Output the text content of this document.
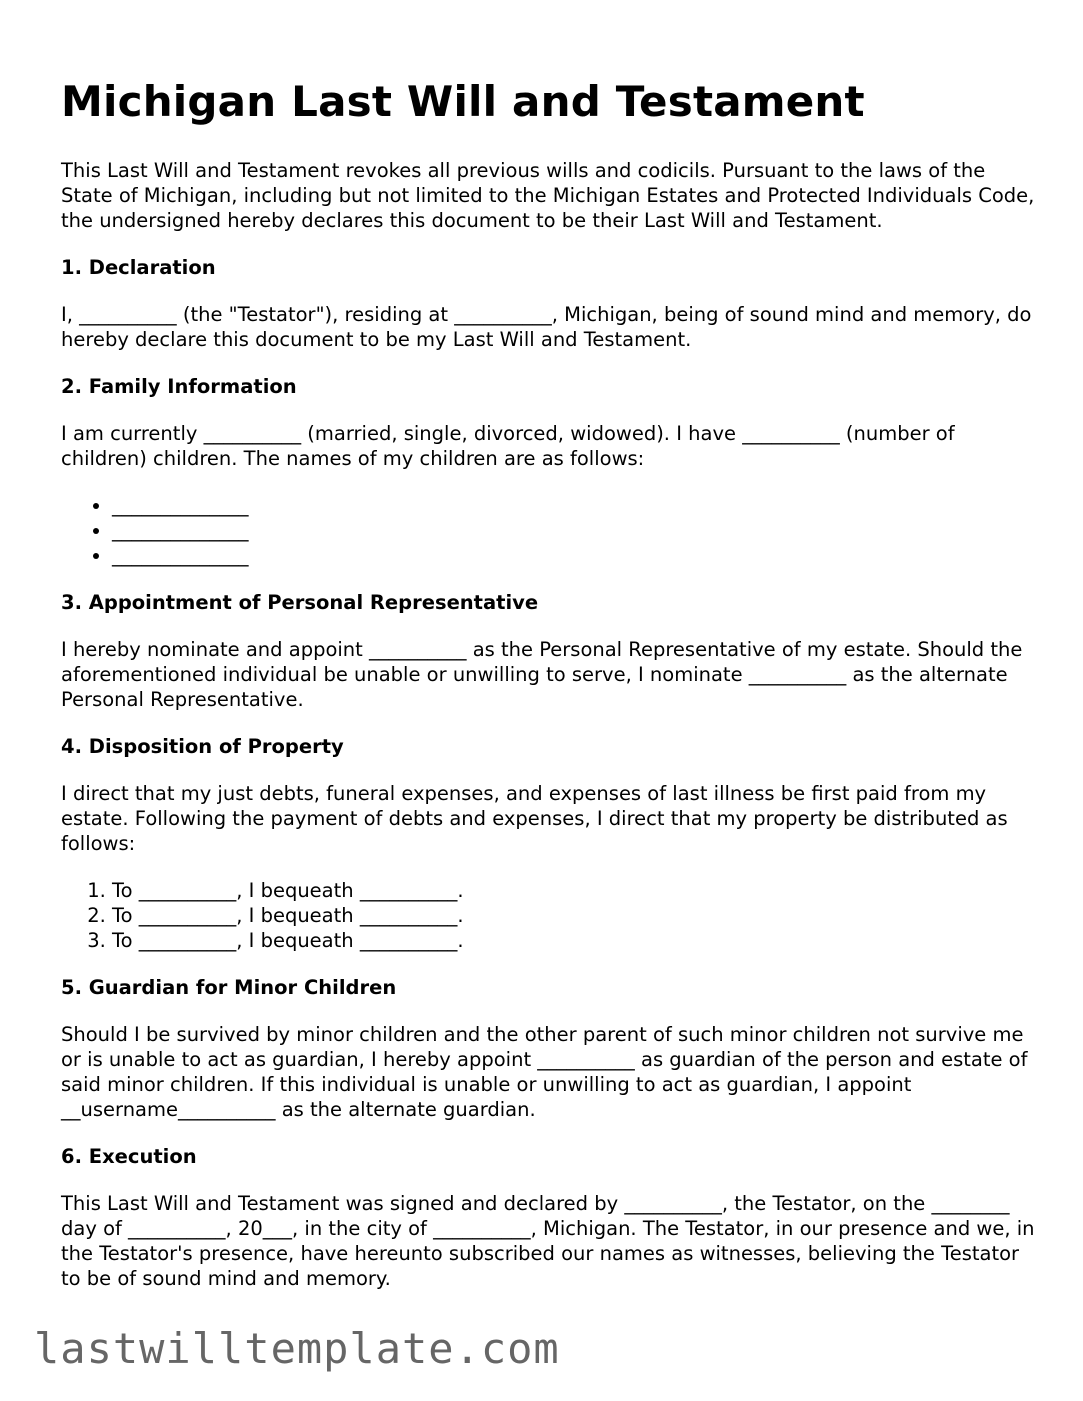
Michigan Last Will and Testament

This Last Will and Testament revokes all previous wills and codicils. Pursuant to the laws of the State of Michigan, including but not limited to the Michigan Estates and Protected Individuals Code, the undersigned hereby declares this document to be their Last Will and Testament.

1. Declaration

I, __________ (the "Testator"), residing at __________, Michigan, being of sound mind and memory, do hereby declare this document to be my Last Will and Testament.

2. Family Information

I am currently __________ (married, single, divorced, widowed). I have __________ (number of children) children. The names of my children are as follows:

• ______________
• ______________
• ______________
3. Appointment of Personal Representative

I hereby nominate and appoint __________ as the Personal Representative of my estate. Should the aforementioned individual be unable or unwilling to serve, I nominate __________ as the alternate Personal Representative.

4. Disposition of Property

I direct that my just debts, funeral expenses, and expenses of last illness be first paid from my estate. Following the payment of debts and expenses, I direct that my property be distributed as follows:

1. To __________, I bequeath __________.
2. To __________, I bequeath __________.
3. To __________, I bequeath __________.
5. Guardian for Minor Children

Should I be survived by minor children and the other parent of such minor children not survive me or is unable to act as guardian, I hereby appoint __________ as guardian of the person and estate of said minor children. If this individual is unable or unwilling to act as guardian, I appoint __username__________ as the alternate guardian.

6. Execution

This Last Will and Testament was signed and declared by __________, the Testator, on the ________ day of __________, 20___, in the city of __________, Michigan. The Testator, in our presence and we, in the Testator's presence, have hereunto subscribed our names as witnesses, believing the Testator to be of sound mind and memory.

lastwilltemplate.com
